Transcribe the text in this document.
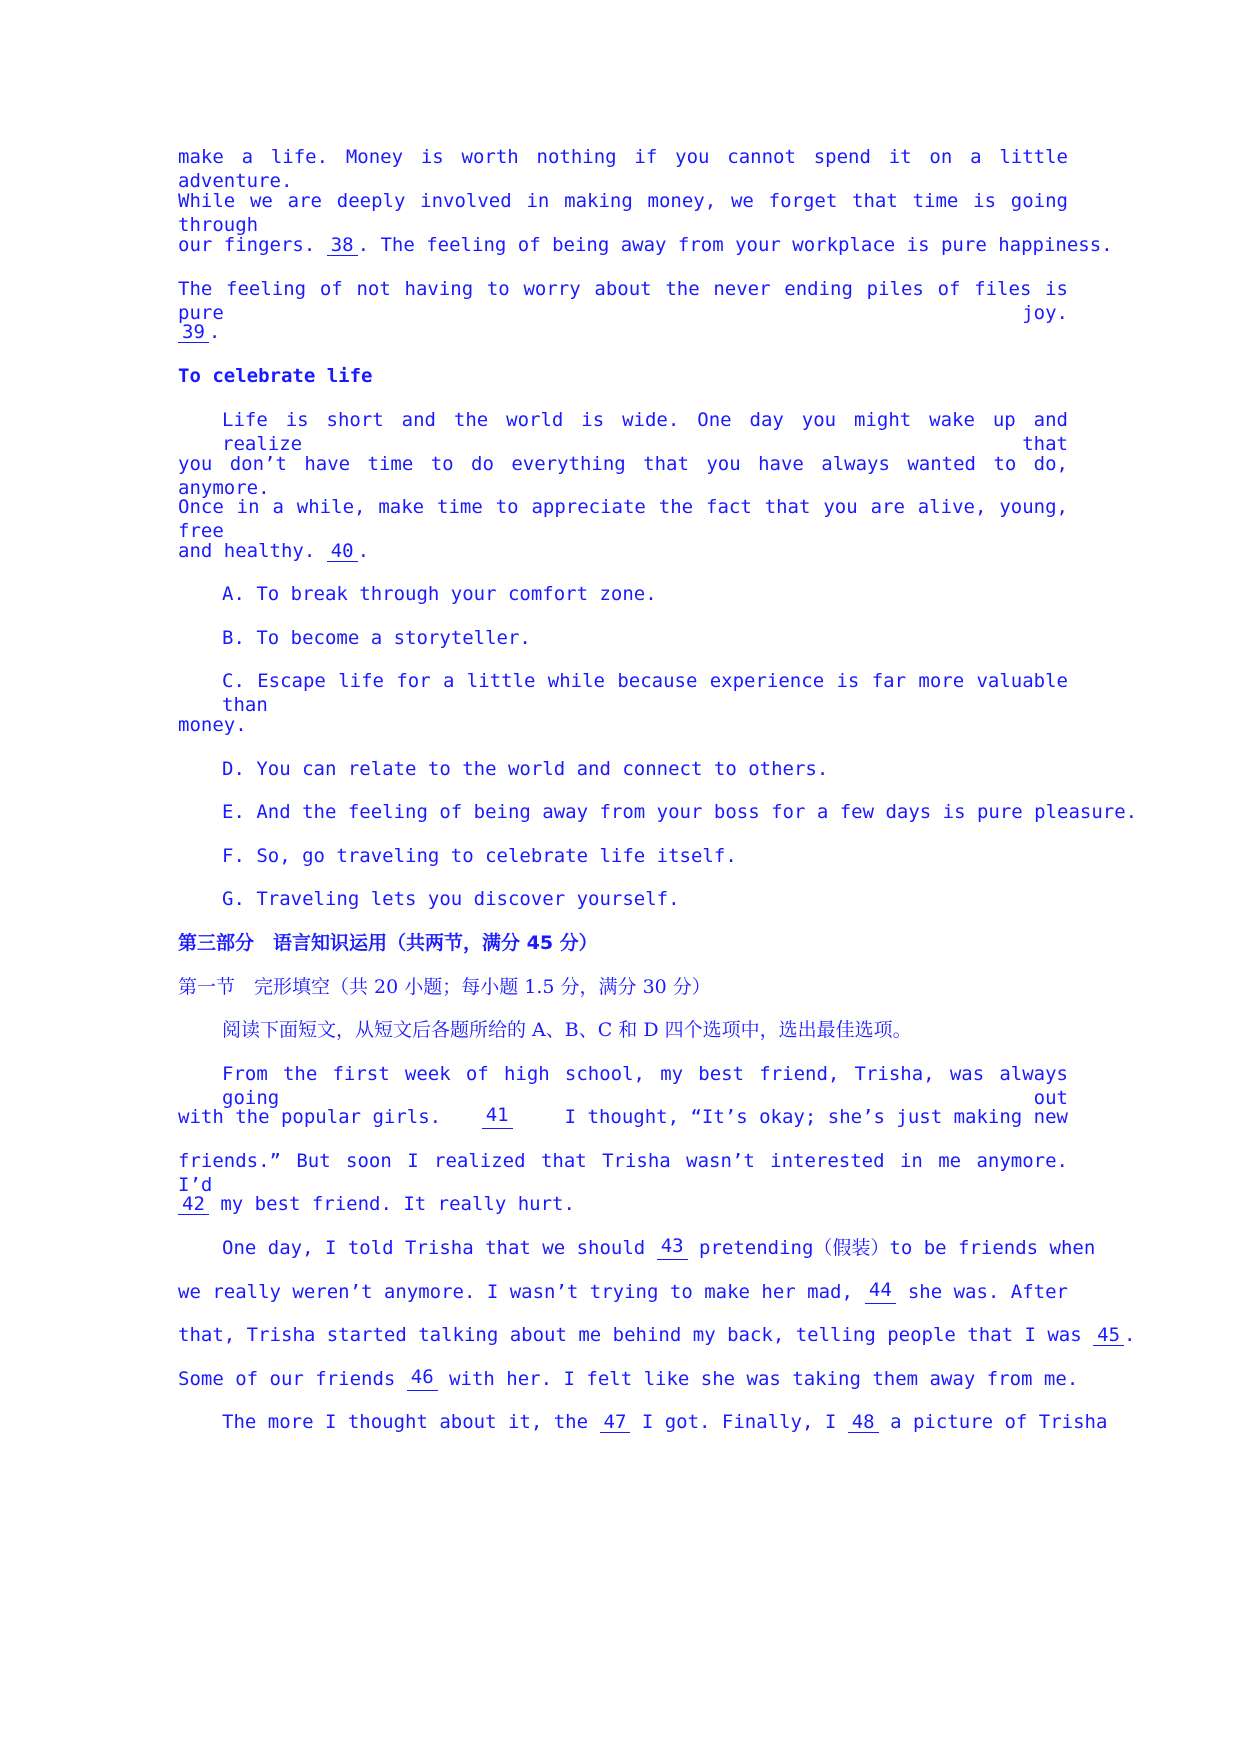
make a life. Money is worth nothing if you cannot spend it on a little adventure.
While we are deeply involved in making money, we forget that time is going through
our fingers. 38 . The feeling of being away from your workplace is pure happiness.
The feeling of not having to worry about the never ending piles of files is pure joy.
39 .
To celebrate life
Life is short and the world is wide. One day you might wake up and realize that
you don’t have time to do everything that you have always wanted to do, anymore.
Once in a while, make time to appreciate the fact that you are alive, young, free
and healthy. 40 .
A. To break through your comfort zone.
B. To become a storyteller.
C. Escape life for a little while because experience is far more valuable than
money.
D. You can relate to the world and connect to others.
E. And the feeling of being away from your boss for a few days is pure pleasure.
F. So, go traveling to celebrate life itself.
G. Traveling lets you discover yourself.
第三部分　语言知识运用（共两节，满分 45 分）
第一节　完形填空（共 20 小题；每小题 1.5 分，满分 30 分）
阅读下面短文，从短文后各题所给的 A、B、C 和 D 四个选项中，选出最佳选项。
From the first week of high school, my best friend, Trisha, was always going out
with the popular girls. 41 I thought, “It’s okay; she’s just making new
friends.” But soon I realized that Trisha wasn’t interested in me anymore. I’d
42 my best friend. It really hurt.
One day, I told Trisha that we should 43 pretending（假装）to be friends when
we really weren’t anymore. I wasn’t trying to make her mad, 44 she was. After
that, Trisha started talking about me behind my back, telling people that I was 45 .
Some of our friends 46 with her. I felt like she was taking them away from me.
The more I thought about it, the 47 I got. Finally, I 48 a picture of Trisha
